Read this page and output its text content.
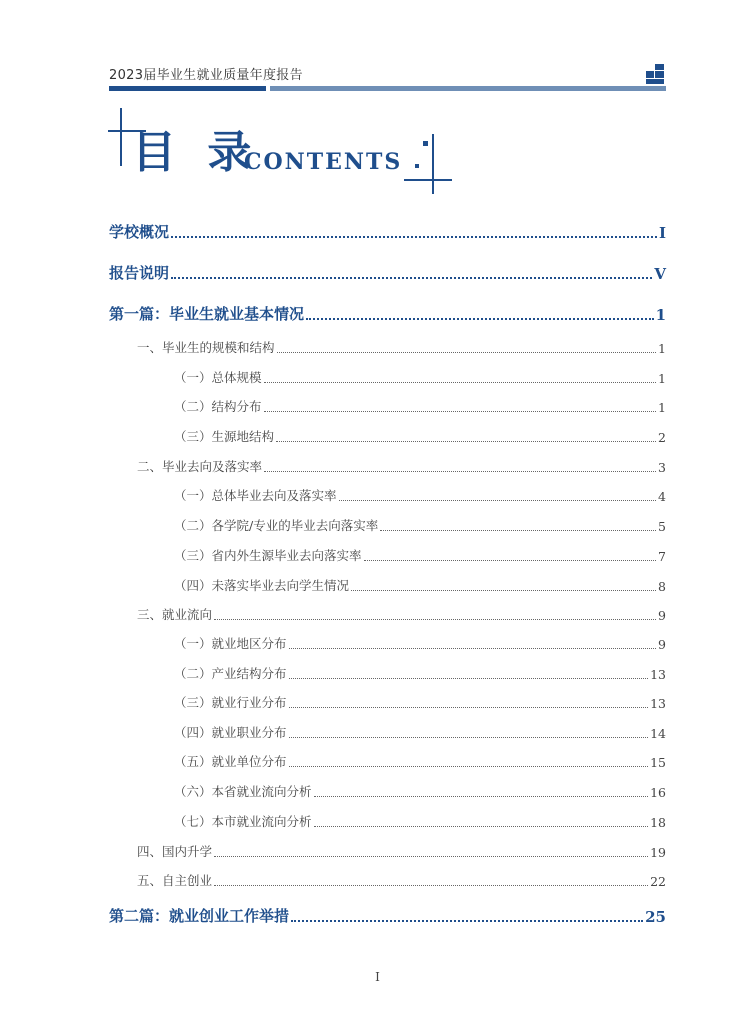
2023届毕业生就业质量年度报告
目 录
CONTENTS
学校概况	I
报告说明	V
第一篇：毕业生就业基本情况	1
一、毕业生的规模和结构	1
（一）总体规模	1
（二）结构分布	1
（三）生源地结构	2
二、毕业去向及落实率	3
（一）总体毕业去向及落实率	4
（二）各学院/专业的毕业去向落实率	5
（三）省内外生源毕业去向落实率	7
（四）未落实毕业去向学生情况	8
三、就业流向	9
（一）就业地区分布	9
（二）产业结构分布	13
（三）就业行业分布	13
（四）就业职业分布	14
（五）就业单位分布	15
（六）本省就业流向分析	16
（七）本市就业流向分析	18
四、国内升学	19
五、自主创业	22
第二篇：就业创业工作举措	25
I
